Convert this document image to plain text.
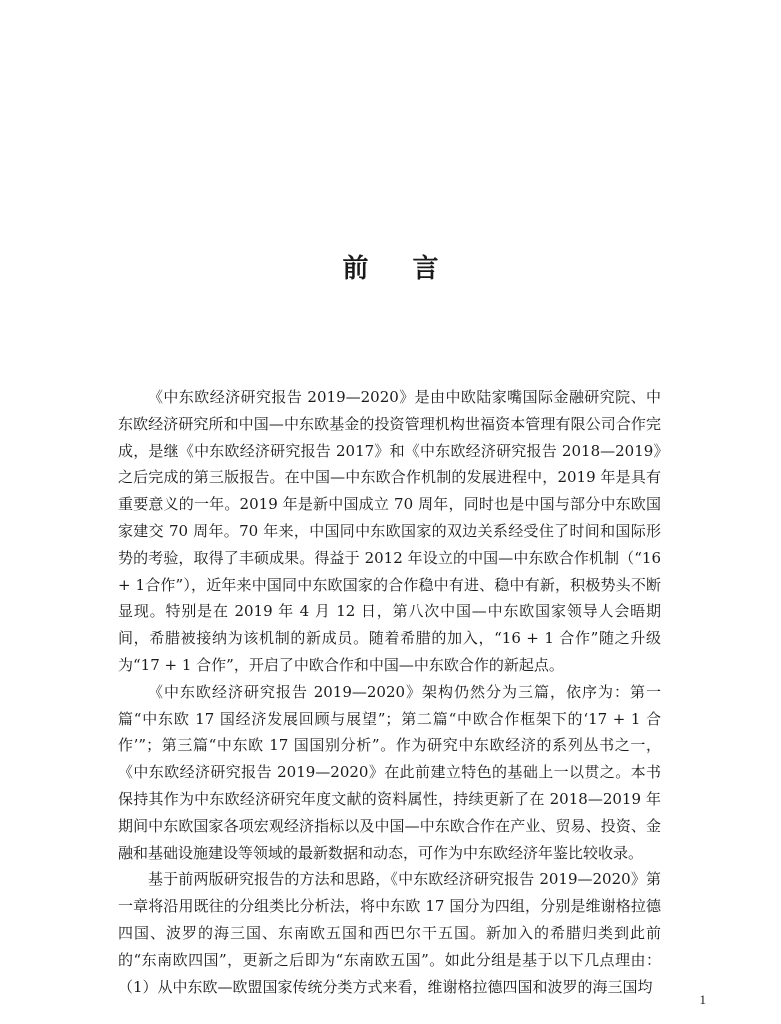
前 言

《中东欧经济研究报告 2019—2020》是由中欧陆家嘴国际金融研究院、中东欧经济研究所和中国—中东欧基金的投资管理机构世福资本管理有限公司合作完成，是继《中东欧经济研究报告 2017》和《中东欧经济研究报告 2018—2019》之后完成的第三版报告。在中国—中东欧合作机制的发展进程中，2019 年是具有重要意义的一年。2019 年是新中国成立 70 周年，同时也是中国与部分中东欧国家建交 70 周年。70 年来，中国同中东欧国家的双边关系经受住了时间和国际形势的考验，取得了丰硕成果。得益于 2012 年设立的中国—中东欧合作机制（“16 + 1合作”），近年来中国同中东欧国家的合作稳中有进、稳中有新，积极势头不断显现。特别是在 2019 年 4 月 12 日，第八次中国—中东欧国家领导人会晤期间，希腊被接纳为该机制的新成员。随着希腊的加入，“16 + 1 合作”随之升级为“17 + 1 合作”，开启了中欧合作和中国—中东欧合作的新起点。

《中东欧经济研究报告 2019—2020》架构仍然分为三篇，依序为：第一篇“中东欧 17 国经济发展回顾与展望”；第二篇“中欧合作框架下的‘17 + 1 合作’”；第三篇“中东欧 17 国国别分析”。作为研究中东欧经济的系列丛书之一，《中东欧经济研究报告 2019—2020》在此前建立特色的基础上一以贯之。本书保持其作为中东欧经济研究年度文献的资料属性，持续更新了在 2018—2019 年期间中东欧国家各项宏观经济指标以及中国—中东欧合作在产业、贸易、投资、金融和基础设施建设等领域的最新数据和动态，可作为中东欧经济年鉴比较收录。

基于前两版研究报告的方法和思路，《中东欧经济研究报告 2019—2020》第一章将沿用既往的分组类比分析法，将中东欧 17 国分为四组，分别是维谢格拉德四国、波罗的海三国、东南欧五国和西巴尔干五国。新加入的希腊归类到此前的“东南欧四国”，更新之后即为“东南欧五国”。如此分组是基于以下几点理由：（1）从中东欧—欧盟国家传统分类方式来看，维谢格拉德四国和波罗的海三国均

1
